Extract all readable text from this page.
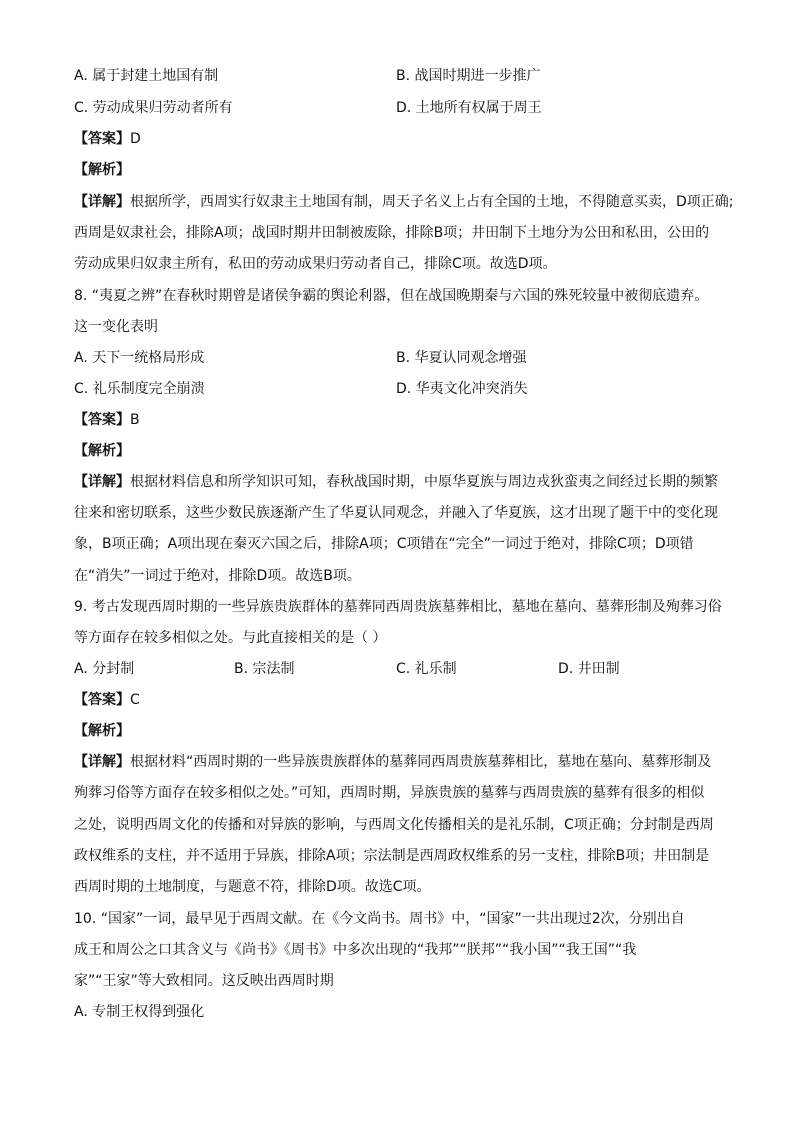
A. 属于封建土地国有制	B. 战国时期进一步推广
C. 劳动成果归劳动者所有	D. 土地所有权属于周王
【答案】D
【解析】
【详解】根据所学，西周实行奴隶主土地国有制，周天子名义上占有全国的土地，不得随意买卖，D项正确;
西周是奴隶社会，排除A项；战国时期井田制被废除，排除B项；井田制下土地分为公田和私田，公田的
劳动成果归奴隶主所有，私田的劳动成果归劳动者自己，排除C项。故选D项。
8. “夷夏之辨”在春秋时期曾是诸侯争霸的舆论利器，但在战国晚期秦与六国的殊死较量中被彻底遗弃。
这一变化表明
A. 天下一统格局形成	B. 华夏认同观念增强
C. 礼乐制度完全崩溃	D. 华夷文化冲突消失
【答案】B
【解析】
【详解】根据材料信息和所学知识可知，春秋战国时期，中原华夏族与周边戎狄蛮夷之间经过长期的频繁
往来和密切联系，这些少数民族逐渐产生了华夏认同观念，并融入了华夏族，这才出现了题干中的变化现
象，B项正确；A项出现在秦灭六国之后，排除A项；C项错在“完全”一词过于绝对，排除C项；D项错
在“消失”一词过于绝对，排除D项。故选B项。
9. 考古发现西周时期的一些异族贵族群体的墓葬同西周贵族墓葬相比，墓地在墓向、墓葬形制及殉葬习俗
等方面存在较多相似之处。与此直接相关的是（ ）
A. 分封制	B. 宗法制	C. 礼乐制	D. 井田制
【答案】C
【解析】
【详解】根据材料“西周时期的一些异族贵族群体的墓葬同西周贵族墓葬相比，墓地在墓向、墓葬形制及
殉葬习俗等方面存在较多相似之处。”可知，西周时期，异族贵族的墓葬与西周贵族的墓葬有很多的相似
之处，说明西周文化的传播和对异族的影响，与西周文化传播相关的是礼乐制，C项正确；分封制是西周
政权维系的支柱，并不适用于异族，排除A项；宗法制是西周政权维系的另一支柱，排除B项；井田制是
西周时期的土地制度，与题意不符，排除D项。故选C项。
10. “国家”一词，最早见于西周文献。在《今文尚书。周书》中，“国家”一共出现过2次，分别出自
成王和周公之口其含义与《尚书》《周书》中多次出现的“我邦”“朕邦”“我小国”“我王国”“我
家”“王家”等大致相同。这反映出西周时期
A. 专制王权得到强化
